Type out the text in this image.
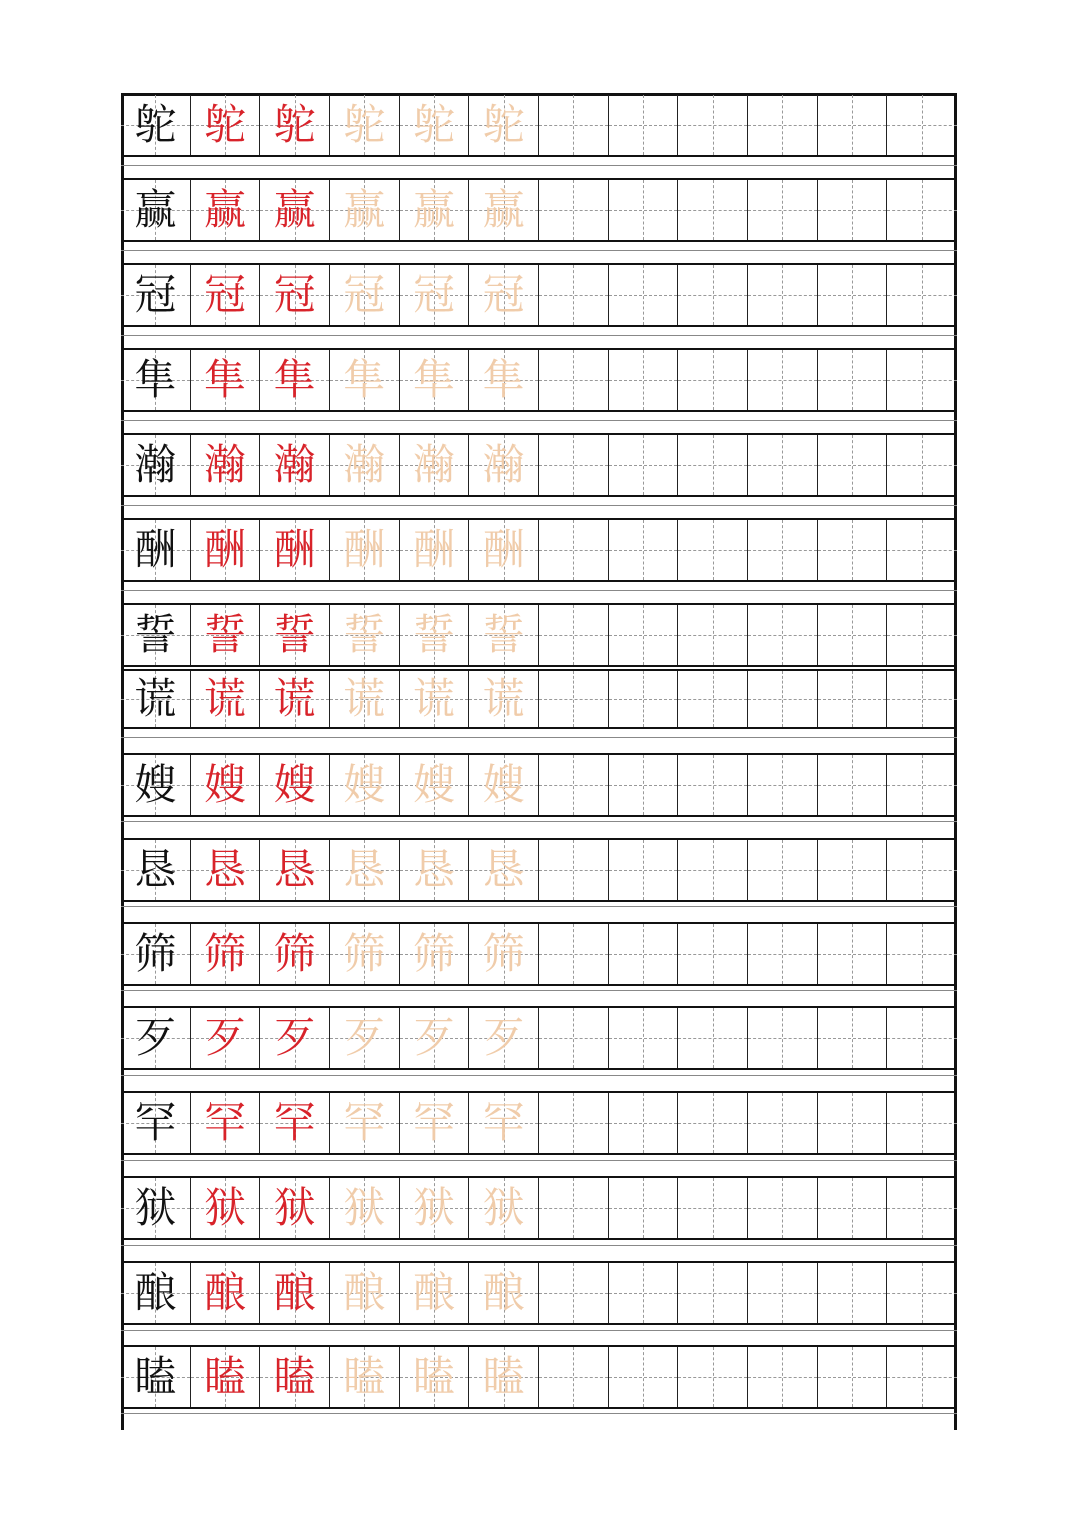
鸵 鸵 鸵 鸵 鸵 鸵
赢 赢 赢 赢 赢 赢
冠 冠 冠 冠 冠 冠
隼 隼 隼 隼 隼 隼
瀚 瀚 瀚 瀚 瀚 瀚
酬 酬 酬 酬 酬 酬
誓 誓 誓 誓 誓 誓
谎 谎 谎 谎 谎 谎
嫂 嫂 嫂 嫂 嫂 嫂
恳 恳 恳 恳 恳 恳
筛 筛 筛 筛 筛 筛
歹 歹 歹 歹 歹 歹
罕 罕 罕 罕 罕 罕
狱 狱 狱 狱 狱 狱
酿 酿 酿 酿 酿 酿
瞌 瞌 瞌 瞌 瞌 瞌
